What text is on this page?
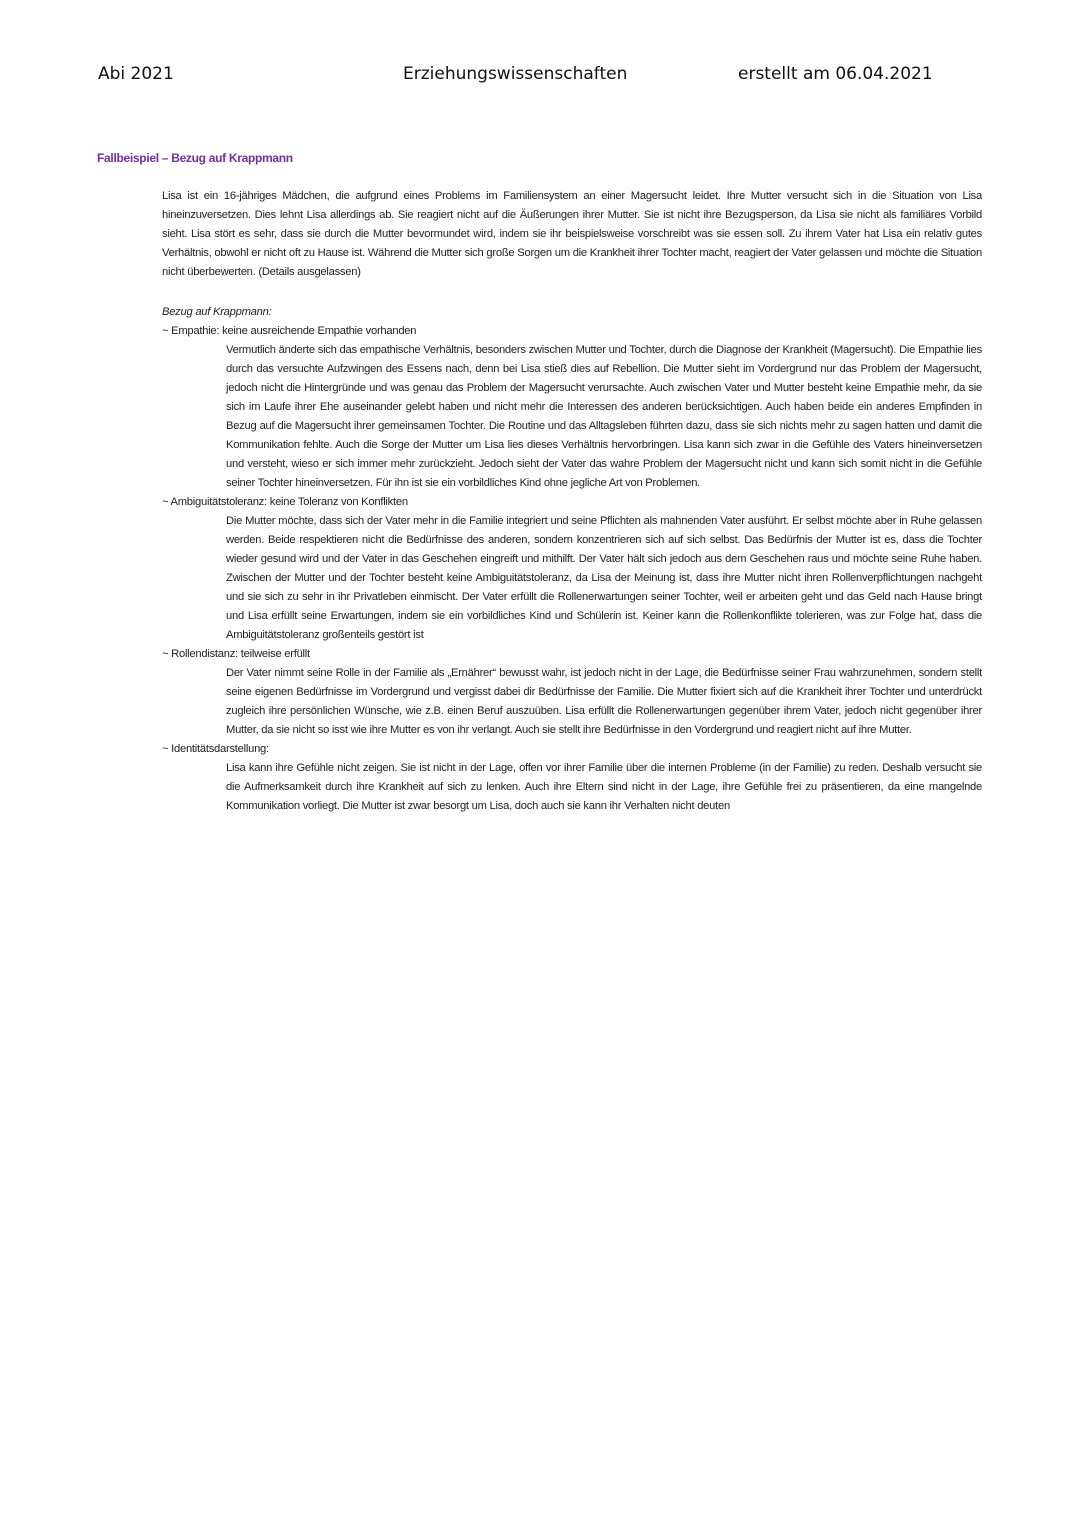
Abi 2021	Erziehungswissenschaften	erstellt am 06.04.2021
Fallbeispiel – Bezug auf Krappmann

Lisa ist ein 16-jähriges Mädchen, die aufgrund eines Problems im Familiensystem an einer Magersucht leidet. Ihre Mutter versucht sich in die Situation von Lisa hineinzuversetzen. Dies lehnt Lisa allerdings ab. Sie reagiert nicht auf die Äußerungen ihrer Mutter. Sie ist nicht ihre Bezugsperson, da Lisa sie nicht als familiäres Vorbild sieht. Lisa stört es sehr, dass sie durch die Mutter bevormundet wird, indem sie ihr beispielsweise vorschreibt was sie essen soll. Zu ihrem Vater hat Lisa ein relativ gutes Verhältnis, obwohl er nicht oft zu Hause ist. Während die Mutter sich große Sorgen um die Krankheit ihrer Tochter macht, reagiert der Vater gelassen und möchte die Situation nicht überbewerten. (Details ausgelassen)

Bezug auf Krappmann:

~ Empathie: keine ausreichende Empathie vorhanden

Vermutlich änderte sich das empathische Verhältnis, besonders zwischen Mutter und Tochter, durch die Diagnose der Krankheit (Magersucht). Die Empathie lies durch das versuchte Aufzwingen des Essens nach, denn bei Lisa stieß dies auf Rebellion. Die Mutter sieht im Vordergrund nur das Problem der Magersucht, jedoch nicht die Hintergründe und was genau das Problem der Magersucht verursachte. Auch zwischen Vater und Mutter besteht keine Empathie mehr, da sie sich im Laufe ihrer Ehe auseinander gelebt haben und nicht mehr die Interessen des anderen berücksichtigen. Auch haben beide ein anderes Empfinden in Bezug auf die Magersucht ihrer gemeinsamen Tochter. Die Routine und das Alltagsleben führten dazu, dass sie sich nichts mehr zu sagen hatten und damit die Kommunikation fehlte. Auch die Sorge der Mutter um Lisa lies dieses Verhältnis hervorbringen. Lisa kann sich zwar in die Gefühle des Vaters hineinversetzen und versteht, wieso er sich immer mehr zurückzieht. Jedoch sieht der Vater das wahre Problem der Magersucht nicht und kann sich somit nicht in die Gefühle seiner Tochter hineinversetzen. Für ihn ist sie ein vorbildliches Kind ohne jegliche Art von Problemen.

~ Ambiguitätstoleranz: keine Toleranz von Konflikten

Die Mutter möchte, dass sich der Vater mehr in die Familie integriert und seine Pflichten als mahnenden Vater ausführt. Er selbst möchte aber in Ruhe gelassen werden. Beide respektieren nicht die Bedürfnisse des anderen, sondern konzentrieren sich auf sich selbst. Das Bedürfnis der Mutter ist es, dass die Tochter wieder gesund wird und der Vater in das Geschehen eingreift und mithilft. Der Vater hält sich jedoch aus dem Geschehen raus und möchte seine Ruhe haben. Zwischen der Mutter und der Tochter besteht keine Ambiguitätstoleranz, da Lisa der Meinung ist, dass ihre Mutter nicht ihren Rollenverpflichtungen nachgeht und sie sich zu sehr in ihr Privatleben einmischt. Der Vater erfüllt die Rollenerwartungen seiner Tochter, weil er arbeiten geht und das Geld nach Hause bringt und Lisa erfüllt seine Erwartungen, indem sie ein vorbildliches Kind und Schülerin ist. Keiner kann die Rollenkonflikte tolerieren, was zur Folge hat, dass die Ambiguitätstoleranz großenteils gestört ist

~ Rollendistanz: teilweise erfüllt

Der Vater nimmt seine Rolle in der Familie als „Ernährer“ bewusst wahr, ist jedoch nicht in der Lage, die Bedürfnisse seiner Frau wahrzunehmen, sondern stellt seine eigenen Bedürfnisse im Vordergrund und vergisst dabei dir Bedürfnisse der Familie. Die Mutter fixiert sich auf die Krankheit ihrer Tochter und unterdrückt zugleich ihre persönlichen Wünsche, wie z.B. einen Beruf auszuüben. Lisa erfüllt die Rollenerwartungen gegenüber ihrem Vater, jedoch nicht gegenüber ihrer Mutter, da sie nicht so isst wie ihre Mutter es von ihr verlangt. Auch sie stellt ihre Bedürfnisse in den Vordergrund und reagiert nicht auf ihre Mutter.

~ Identitätsdarstellung:

Lisa kann ihre Gefühle nicht zeigen. Sie ist nicht in der Lage, offen vor ihrer Familie über die internen Probleme (in der Familie) zu reden. Deshalb versucht sie die Aufmerksamkeit durch ihre Krankheit auf sich zu lenken. Auch ihre Eltern sind nicht in der Lage, ihre Gefühle frei zu präsentieren, da eine mangelnde Kommunikation vorliegt. Die Mutter ist zwar besorgt um Lisa, doch auch sie kann ihr Verhalten nicht deuten
